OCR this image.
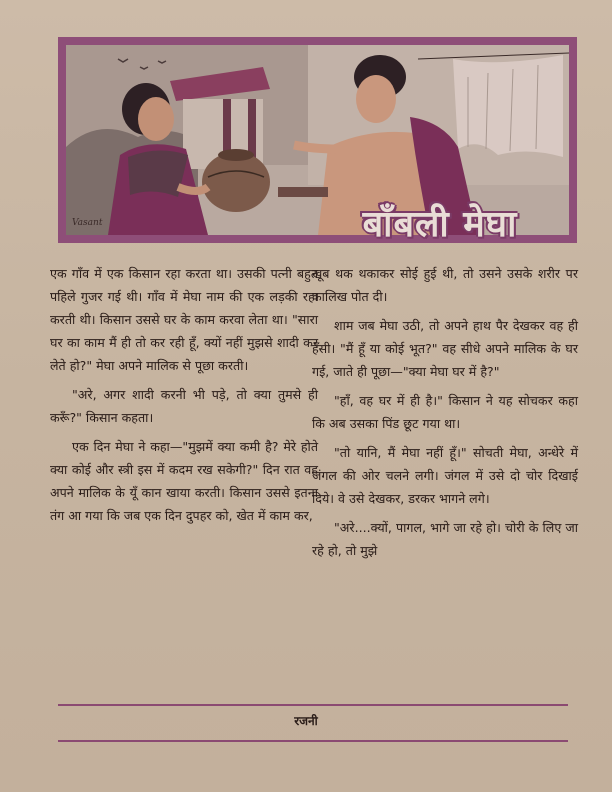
Vasant	बाँबली मेघा

एक गाँव में एक किसान रहा करता था। उसकी पत्नी बहुत पहिले गुजर गई थी। गाँव में मेघा नाम की एक लड़की रहा करती थी। किसान उससे घर के काम करवा लेता था। "सारा घर का काम मैं ही तो कर रही हूँ, क्यों नहीं मुझसे शादी कर लेते हो?" मेघा अपने मालिक से पूछा करती।

"अरे, अगर शादी करनी भी पड़े, तो क्या तुमसे ही करूँ?" किसान कहता।

एक दिन मेघा ने कहा—"मुझमें क्या कमी है? मेरे होते क्या कोई और स्त्री इस में कदम रख सकेगी?" दिन रात वह अपने मालिक के यूँ कान खाया करती। किसान उससे इतना तंग आ गया कि जब एक दिन दुपहर को, खेत में काम कर,

खूब थक थकाकर सोई हुई थी, तो उसने उसके शरीर पर कालिख पोत दी।

शाम जब मेघा उठी, तो अपने हाथ पैर देखकर वह ही हँसी। "मैं हूँ या कोई भूत?" वह सीधे अपने मालिक के घर गई, जाते ही पूछा—"क्या मेघा घर में है?"

"हाँ, वह घर में ही है।" किसान ने यह सोचकर कहा कि अब उसका पिंड छूट गया था।

"तो यानि, मैं मेघा नहीं हूँ।" सोचती मेघा, अन्धेरे में जंगल की ओर चलने लगी। जंगल में उसे दो चोर दिखाई दिये। वे उसे देखकर, डरकर भागने लगे।

"अरे....क्यों, पागल, भागे जा रहे हो। चोरी के लिए जा रहे हो, तो मुझे

रजनी
